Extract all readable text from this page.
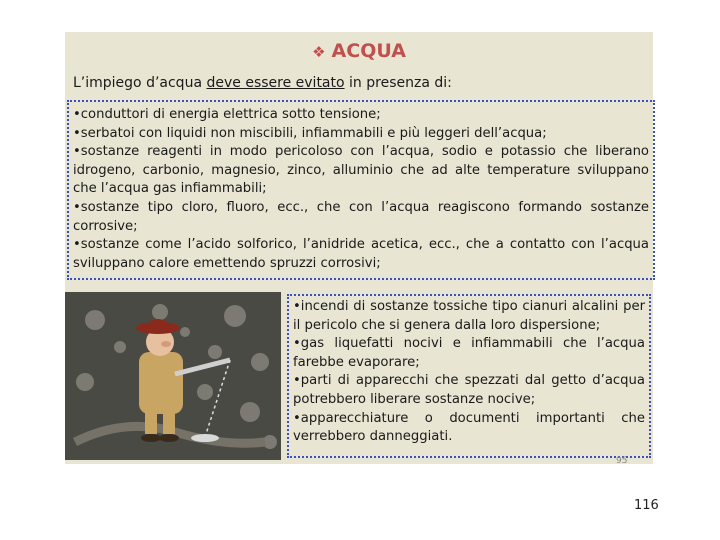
❖ ACQUA
L’impiego d’acqua deve essere evitato in presenza di:

•conduttori di energia elettrica sotto tensione;

•serbatoi con liquidi non miscibili, infiammabili e più leggeri dell’acqua;

•sostanze reagenti in modo pericoloso con l’acqua, sodio e potassio che liberano idrogeno, carbonio, magnesio, zinco, alluminio che ad alte temperature sviluppano che l’acqua gas infiammabili;

•sostanze tipo cloro, fluoro, ecc., che con l’acqua reagiscono formando sostanze corrosive;

•sostanze come l’acido solforico, l’anidride acetica, ecc., che a contatto con l’acqua sviluppano calore emettendo spruzzi corrosivi;

•incendi di sostanze tossiche tipo cianuri alcalini per il pericolo che si genera dalla loro dispersione;

•gas liquefatti nocivi e infiammabili che l’acqua farebbe evaporare;

•parti di apparecchi che spezzati dal getto d’acqua potrebbero liberare sostanze nocive;

•apparecchiature o documenti importanti che verrebbero danneggiati.

95
116
